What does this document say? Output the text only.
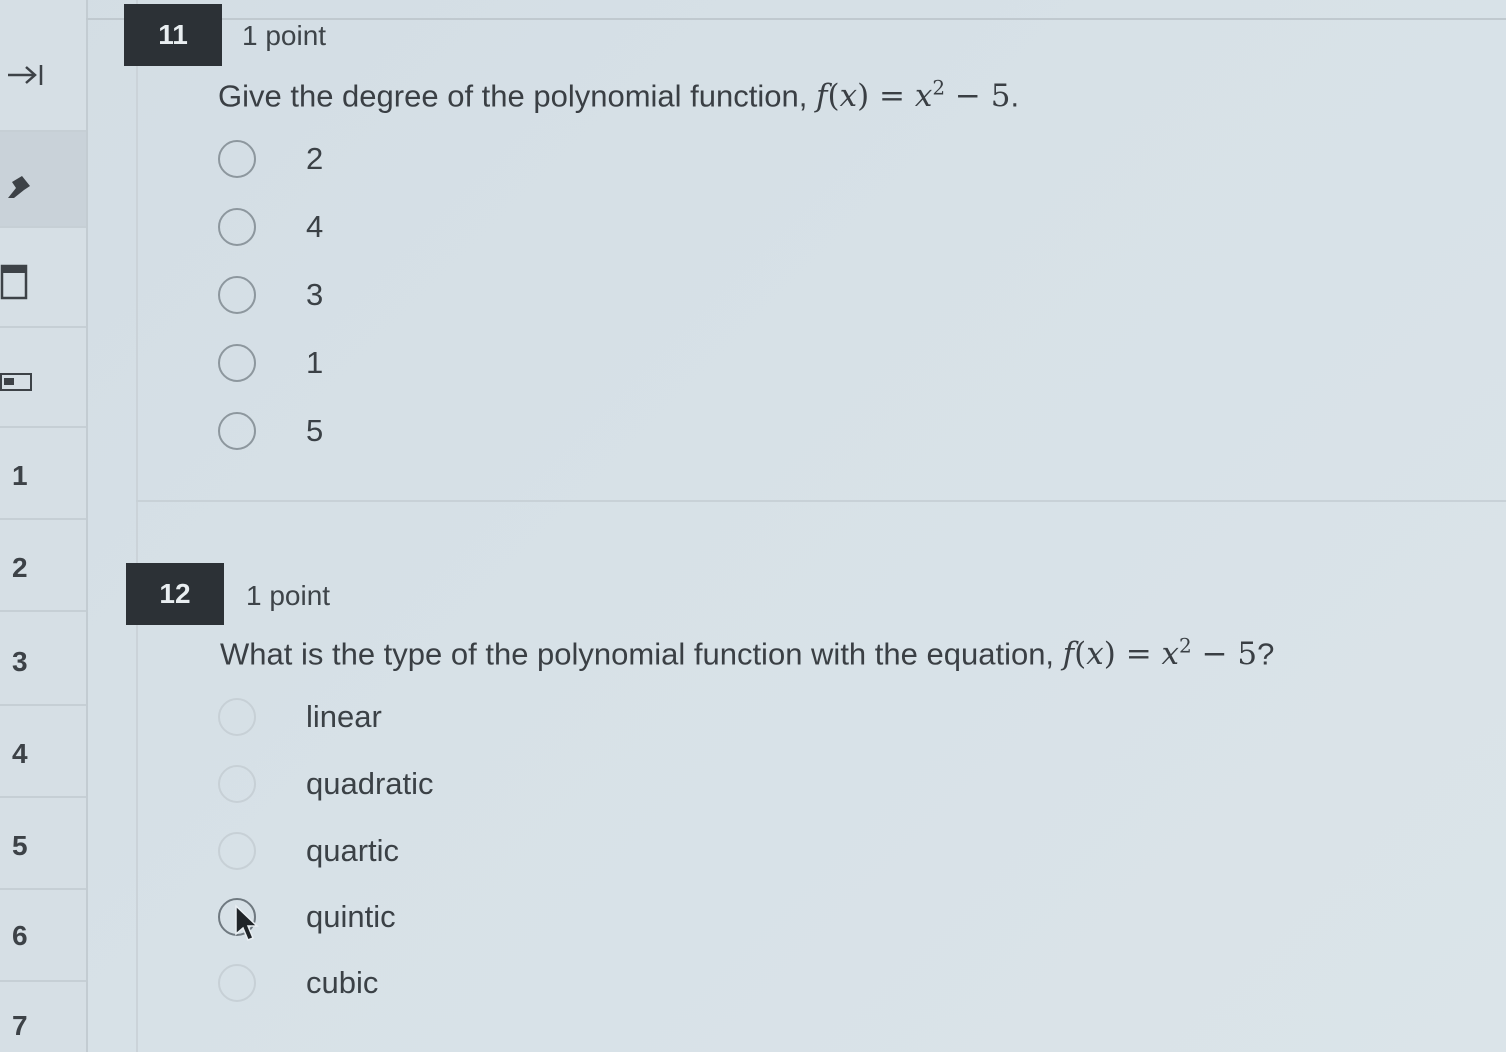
1
2
3
4
5
6
7
11	1 point
Give the degree of the polynomial function, $f(x) = x^2 - 5$.
2
4
3
1
5
12	1 point
What is the type of the polynomial function with the equation, $f(x) = x^2 - 5$?
linear
quadratic
quartic
quintic
cubic
